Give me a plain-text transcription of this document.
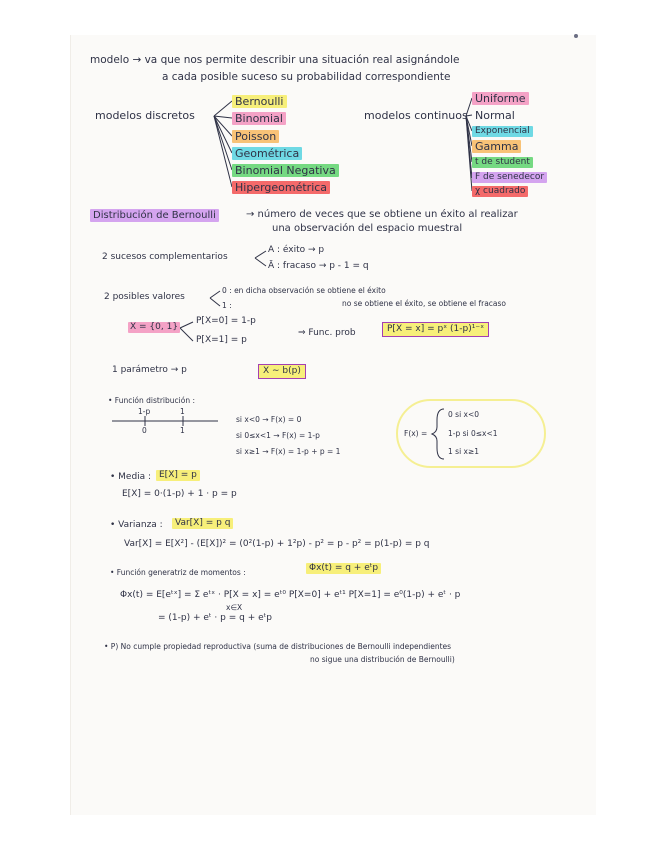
modelo → va que nos permite describir una situación real asignándole
a cada posible suceso su probabilidad correspondiente
modelos discretos
Bernoulli
Binomial
Poisson
Geométrica
Binomial Negativa
Hipergeométrica
modelos continuos
Uniforme
Normal
Exponencial
Gamma
t de student
F de senedecor
χ cuadrado
Distribución de Bernoulli	→ número de veces que se obtiene un éxito al realizar
una observación del espacio muestral
2 sucesos complementarios
A : éxito → p
Ā : fracaso → p - 1 = q
2 posibles valores
0 : en dicha observación se obtiene el éxito
1 :	no se obtiene el éxito, se obtiene el fracaso
X = {0, 1}
P[X=0] = 1-p
P[X=1] = p
⇒ Func. prob	P[X = x] = pˣ (1-p)¹⁻ˣ
1 parámetro → p	X ∼ b(p)
• Función distribución :
1-p	1
0	1
si x<0 → F(x) = 0
si 0≤x<1 → F(x) = 1-p
si x≥1 → F(x) = 1-p + p = 1
F(x) =
0 si x<0
1-p si 0≤x<1
1 si x≥1
• Media : E[X] = p
E[X] = 0·(1-p) + 1 · p = p
• Varianza :	Var[X] = p q
Var[X] = E[X²] - (E[X])² = (0²(1-p) + 1²p) - p² = p - p² = p(1-p) = p q
• Función generatriz de momentos :	Φx(t) = q + eᵗp
Φx(t) = E[eᵗˣ] = Σ eᵗˣ · P[X = x] = eᵗ⁰ P[X=0] + eᵗ¹ P[X=1] = e⁰(1-p) + eᵗ · p
x∈X
= (1-p) + eᵗ · p = q + eᵗp
• P) No cumple propiedad reproductiva (suma de distribuciones de Bernoulli independientes
no sigue una distribución de Bernoulli)
